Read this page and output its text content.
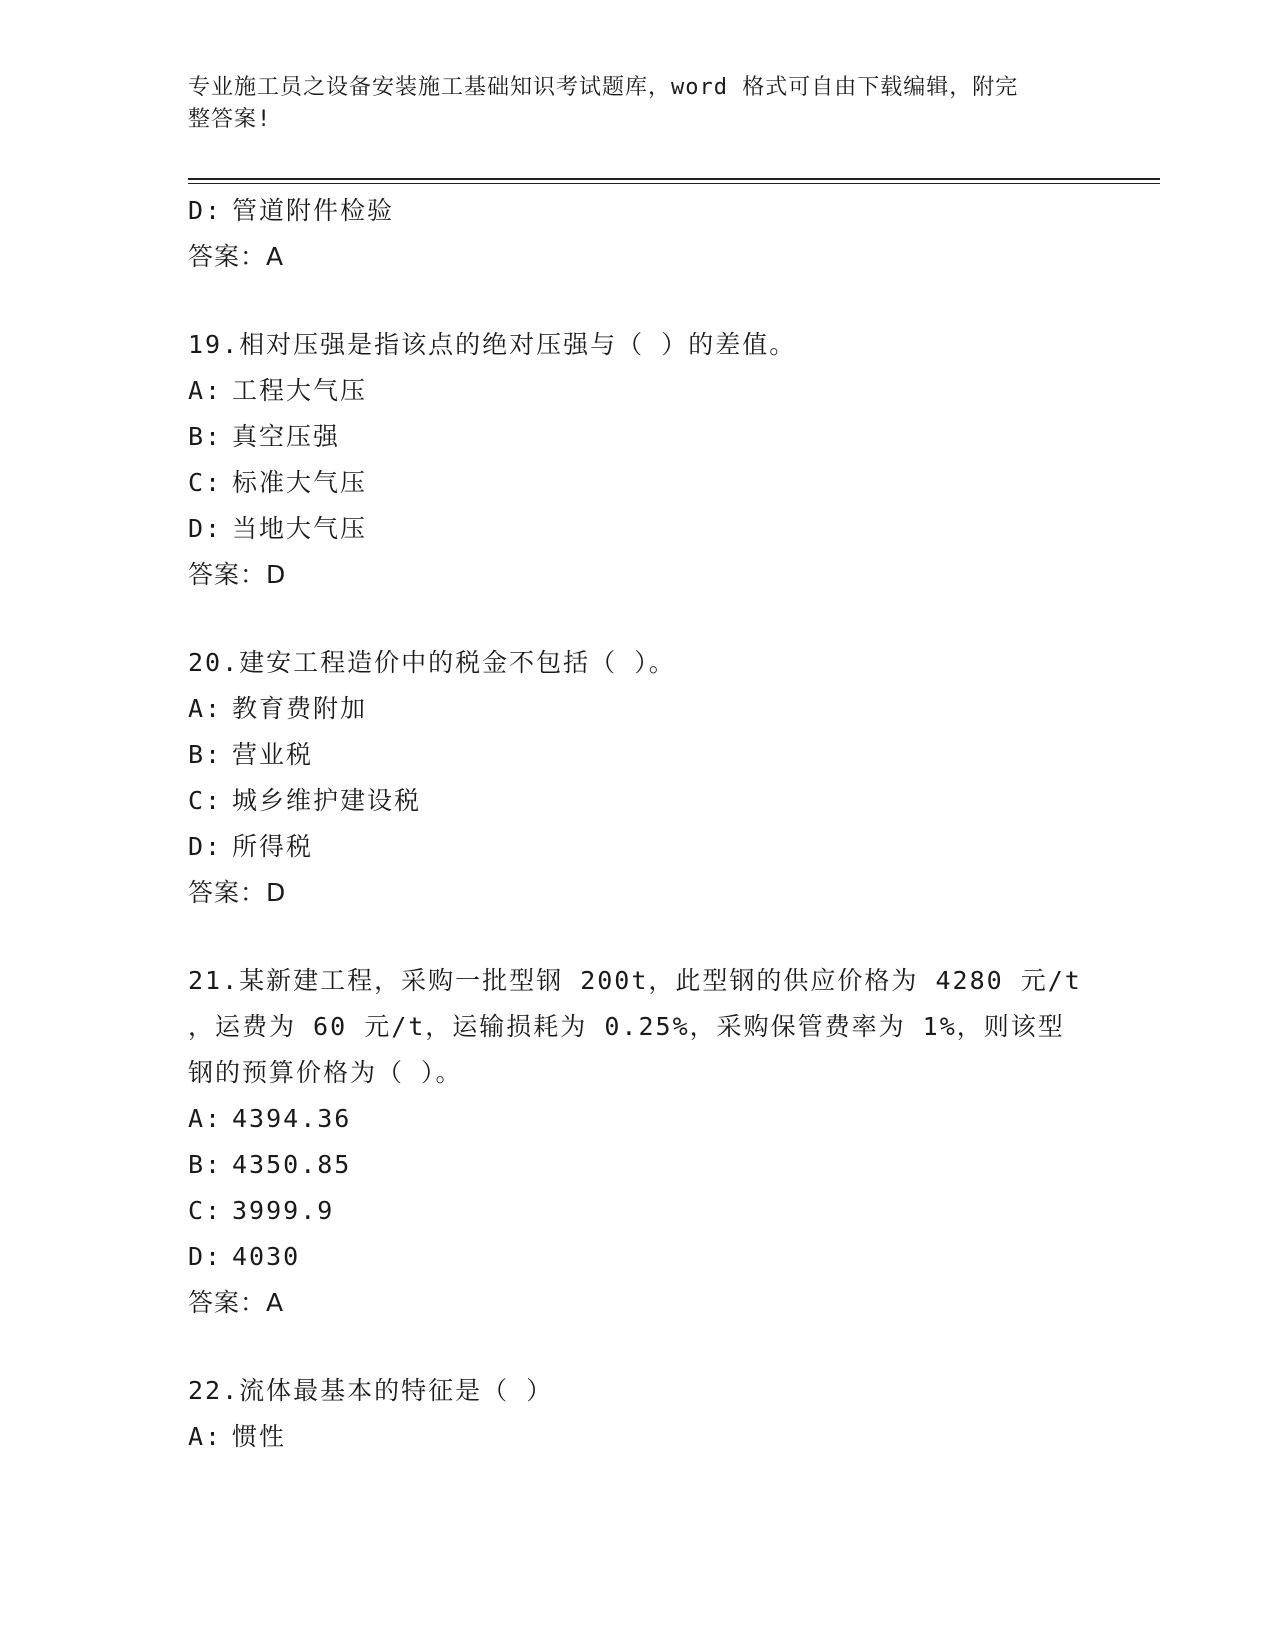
专业施工员之设备安装施工基础知识考试题库，word 格式可自由下载编辑，附完
整答案!
D: 管道附件检验
答案：A
19.相对压强是指该点的绝对压强与（ ）的差值。
A: 工程大气压
B: 真空压强
C: 标准大气压
D: 当地大气压
答案：D
20.建安工程造价中的税金不包括（ ）。
A: 教育费附加
B: 营业税
C: 城乡维护建设税
D: 所得税
答案：D
21.某新建工程，采购一批型钢 200t，此型钢的供应价格为 4280 元/t
，运费为 60 元/t，运输损耗为 0.25%，采购保管费率为 1%，则该型
钢的预算价格为（ ）。
A: 4394.36
B: 4350.85
C: 3999.9
D: 4030
答案：A
22.流体最基本的特征是（ ）
A: 惯性
